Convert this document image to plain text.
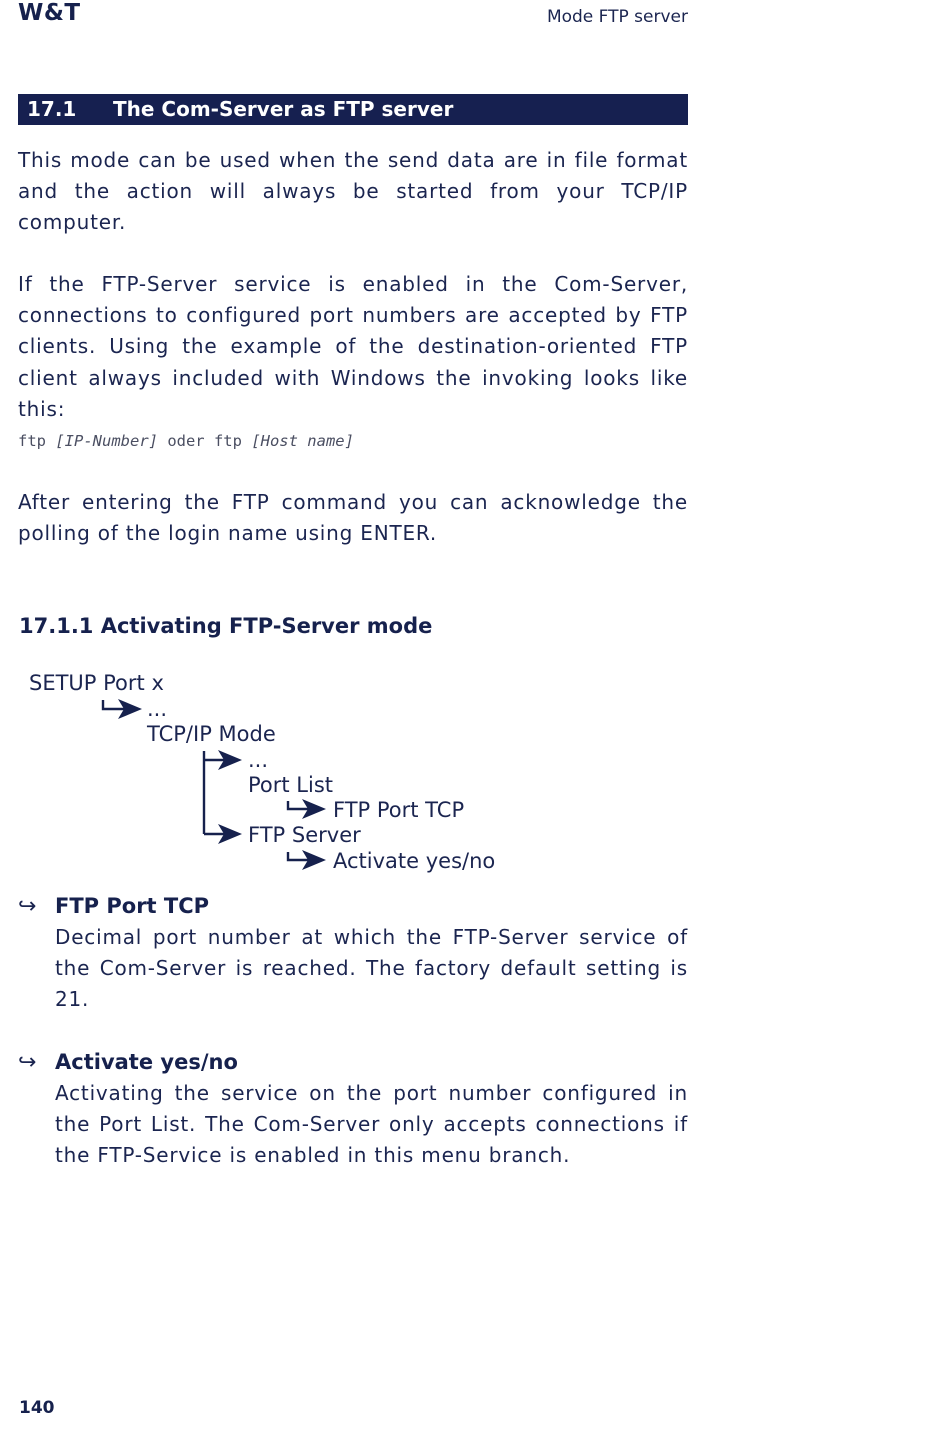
W&T	Mode FTP server
17.1 The Com-Server as FTP server
This mode can be used when the send data are in file format and the action will always be started from your TCP/IP computer.
If the FTP-Server service is enabled in the Com-Server, connections to configured port numbers are accepted by FTP clients. Using the example of the destination-oriented FTP client always included with Windows the invoking looks like this:
ftp [IP-Number] oder ftp [Host name]
After entering the FTP command you can acknowledge the polling of the login name using ENTER.
17.1.1 Activating FTP-Server mode
SETUP Port x
...
TCP/IP Mode
...
Port List
FTP Port TCP
FTP Server
Activate yes/no
↪ FTP Port TCP
Decimal port number at which the FTP-Server service of the Com-Server is reached. The factory default setting is 21.
↪ Activate yes/no
Activating the service on the port number configured in the Port List. The Com-Server only accepts connections if the FTP-Service is enabled in this menu branch.
140
